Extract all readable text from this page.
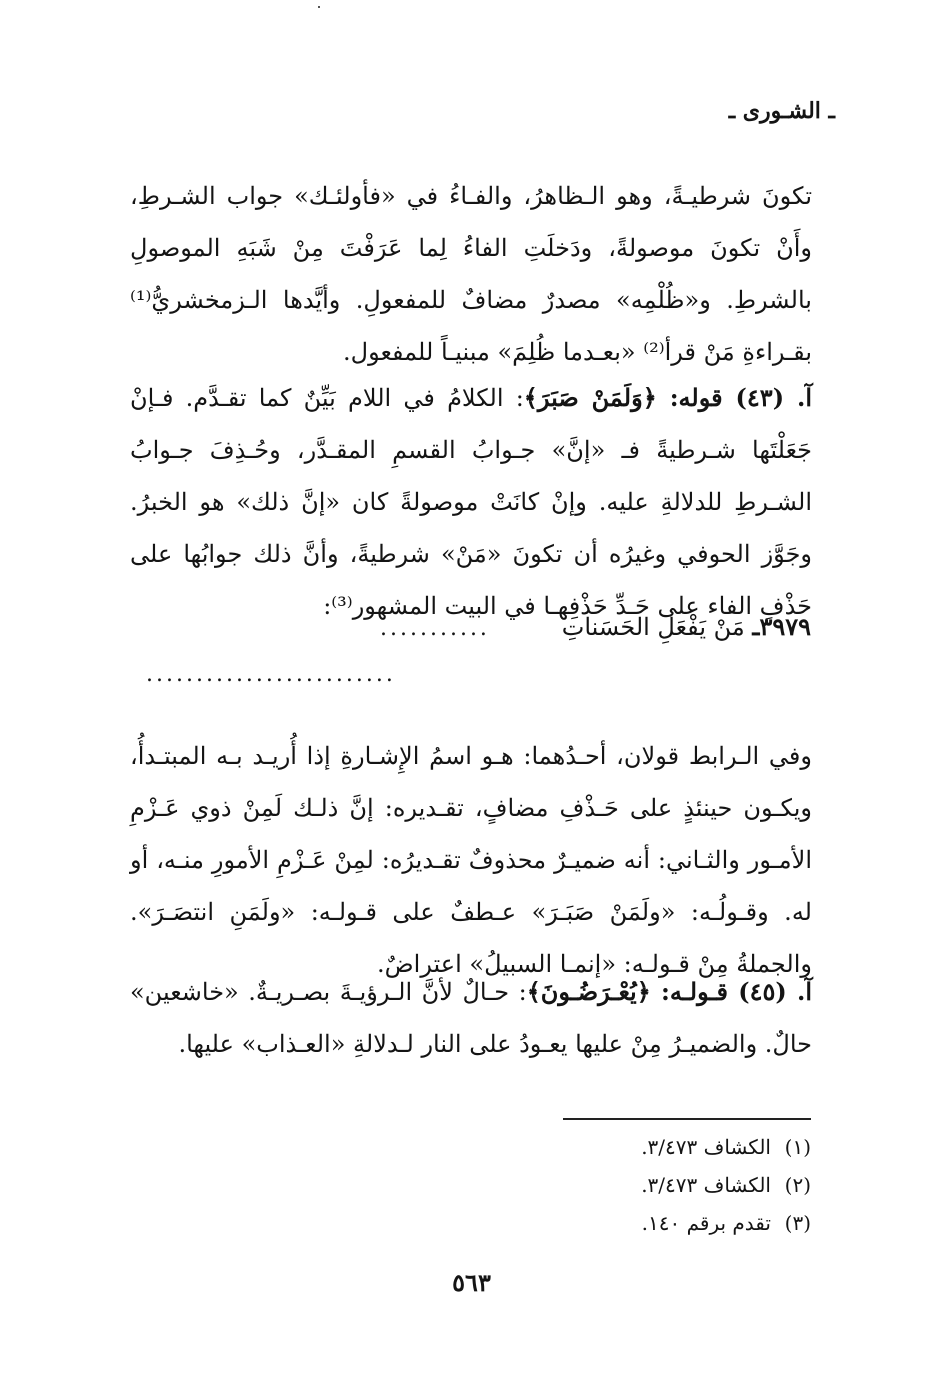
ـ الشـوری ـ
تكونَ شرطيـةً، وهو الـظاهرُ، والفـاءُ في «فأولئـك» جواب الشـرطِ، وأَنْ تكونَ موصولةً، ودَخلَتِ الفاءُ لِما عَرَفْتَ مِنْ شَبَهِ الموصولِ بالشرطِ. و«ظُلْمِه» مصدرٌ مضافٌ للمفعولِ. وأيَّدها الـزمخشريُّ⁽¹⁾ بقـراءةِ مَنْ قرأ⁽²⁾ «بعـدما ظُلِمَ» مبنيـاً للمفعول.
آ. (٤٣) قوله: ﴿وَلَمَنْ صَبَرَ﴾: الكلامُ في اللام بَيِّنٌ كما تقـدَّم. فـإنْ جَعَلْتَها شـرطيةً فـ «إنَّ» جـوابُ القسمِ المقـدَّر، وحُـذِفَ جـوابُ الشـرطِ للدلالةِ عليه. وإنْ كانَتْ موصولةً كان «إنَّ ذلك» هو الخبرُ. وجَوَّز الحوفي وغيرُه أن تكونَ «مَنْ» شرطيةً، وأنَّ ذلك جوابُها على حَذْفِ الفاء على حَـدِّ حَذْفِهـا في البيت المشهور⁽³⁾:
٣٩٧٩ـ مَنْ يَفْعَلِ الحَسَناتِ
...........
.........................
وفي الـرابط قولان، أحـدُهما: هـو اسمُ الإِشـارةِ إذا أُريـد بـه المبتـدأُ، ويكـون حينئذٍ على حَـذْفِ مضافٍ، تقـديره: إنَّ ذلـك لَمِنْ ذوي عَـزْمِ الأمـور والثـاني: أنه ضميـرٌ محذوفٌ تقـديرُه: لمِنْ عَـزْمِ الأمورِ منـه، أو له. وقـولُـه: «ولَمَنْ صَبَـرَ» عـطفٌ على قـولـه: «ولَمَنِ انتصَـرَ». والجملةُ مِنْ قـولـه: «إنمـا السبيلُ» اعتراضٌ.
آ. (٤٥) قـولـه: ﴿يُعْـرَضُـونَ﴾: حـالٌ لأنَّ الـرؤيـةَ بصـريـةٌ. «خاشعين» حالٌ. والضميـرُ مِنْ عليها يعـودُ على النار لـدلالةِ «العـذاب» عليها.
(١)الكشاف ٣/٤٧٣.
(٢)الكشاف ٣/٤٧٣.
(٣)تقدم برقم ١٤٠.
٥٦٣
